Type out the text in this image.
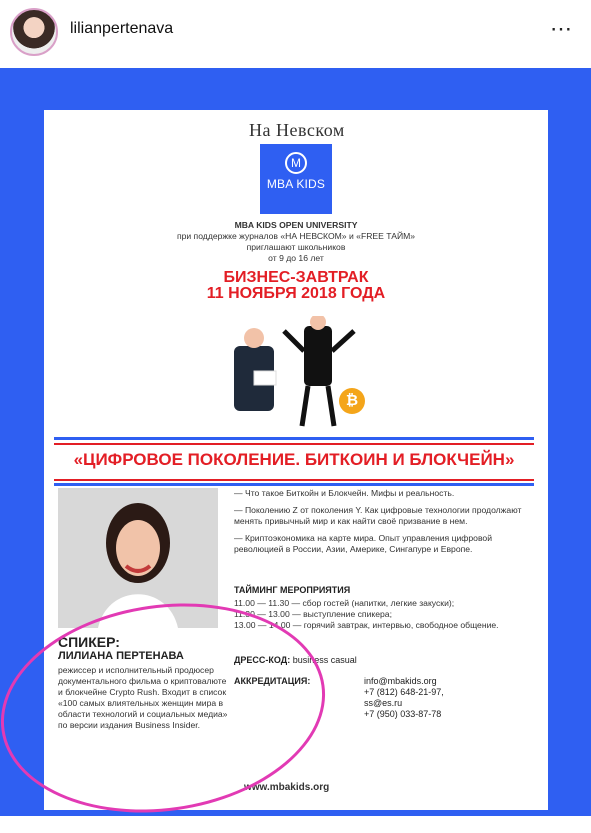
lilianpertenava	⋯
На Невском
M
MBA KIDS
MBA KIDS OPEN UNIVERSITY
при поддержке журналов «НА НЕВСКОМ» и «FREE ТАЙМ»
приглашают школьников
от 9 до 16 лет
БИЗНЕС-ЗАВТРАК
11 НОЯБРЯ 2018 ГОДА
₿
«ЦИФРОВОЕ ПОКОЛЕНИЕ. БИТКОИН И БЛОКЧЕЙН»

— Что такое Биткойн и Блокчейн. Мифы и реальность.

— Поколению Z от поколения Y. Как цифровые технологии продолжают менять привычный мир и как найти своё призвание в нем.

— Криптоэкономика на карте мира. Опыт управления цифровой революцией в России, Азии, Америке, Сингапуре и Европе.

ТАЙМИНГ МЕРОПРИЯТИЯ
11.00 — 11.30 — сбор гостей (напитки, легкие закуски);
11.30 — 13.00 — выступление спикера;
13.00 — 14.00 — горячий завтрак, интервью, свободное общение.
ДРЕСС-КОД: business casual
АККРЕДИТАЦИЯ:	info@mbakids.org
+7 (812) 648-21-97,
ss@es.ru
+7 (950) 033-87-78
СПИКЕР:
ЛИЛИАНА ПЕРТЕНАВА
режиссер и исполнительный продюсер документального фильма о криптовалюте и блокчейне Crypto Rush. Входит в список «100 самых влиятельных женщин мира в области технологий и социальных медиа» по версии издания Business Insider.
www.mbakids.org
